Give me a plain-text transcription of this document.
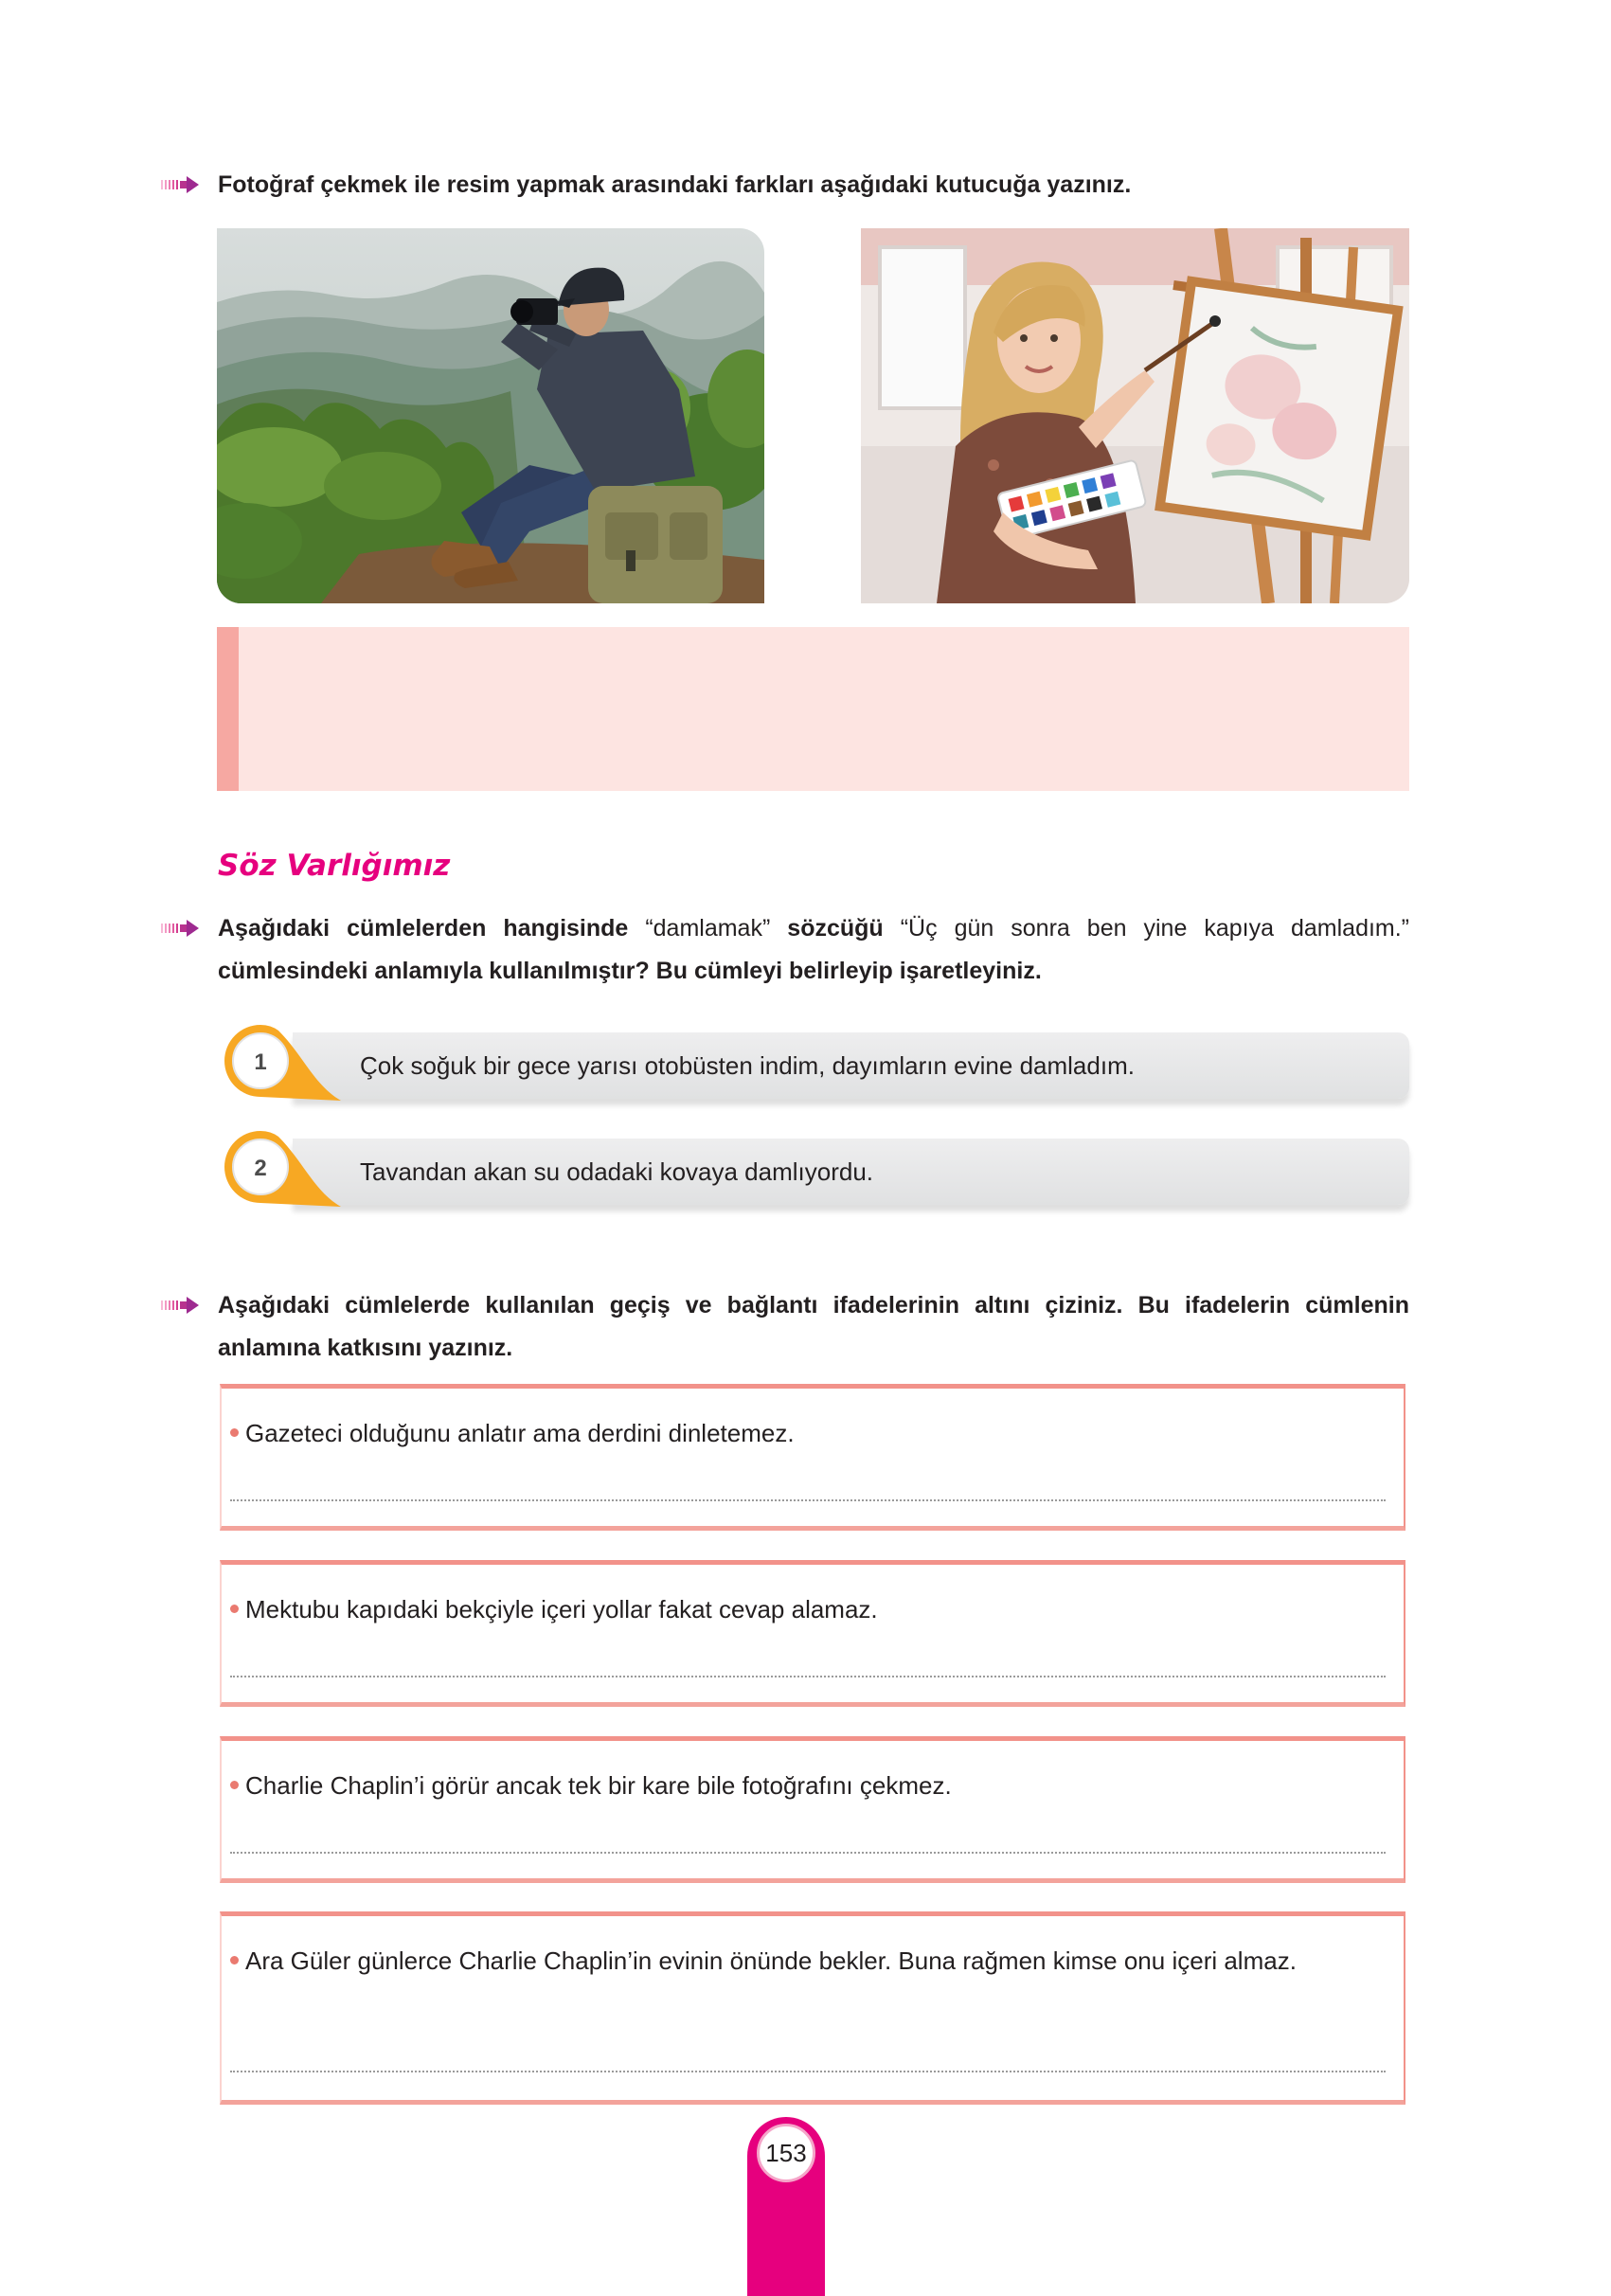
Fotoğraf çekmek ile resim yapmak arasındaki farkları aşağıdaki kutucuğa yazınız.
Söz Varlığımız
Aşağıdaki cümlelerden hangisinde “damlamak” sözcüğü “Üç gün sonra ben yine kapıya damladım.” cümlesindeki anlamıyla kullanılmıştır? Bu cümleyi belirleyip işaretleyiniz.
Çok soğuk bir gece yarısı otobüsten indim, dayımların evine damladım.
1
Tavandan akan su odadaki kovaya damlıyordu.
2
Aşağıdaki cümlelerde kullanılan geçiş ve bağlantı ifadelerinin altını çiziniz. Bu ifadelerin cümlenin anlamına katkısını yazınız.
Gazeteci olduğunu anlatır ama derdini dinletemez.
Mektubu kapıdaki bekçiyle içeri yollar fakat cevap alamaz.
Charlie Chaplin’i görür ancak tek bir kare bile fotoğrafını çekmez.
Ara Güler günlerce Charlie Chaplin’in evinin önünde bekler. Buna rağmen kimse onu içeri almaz.
153
